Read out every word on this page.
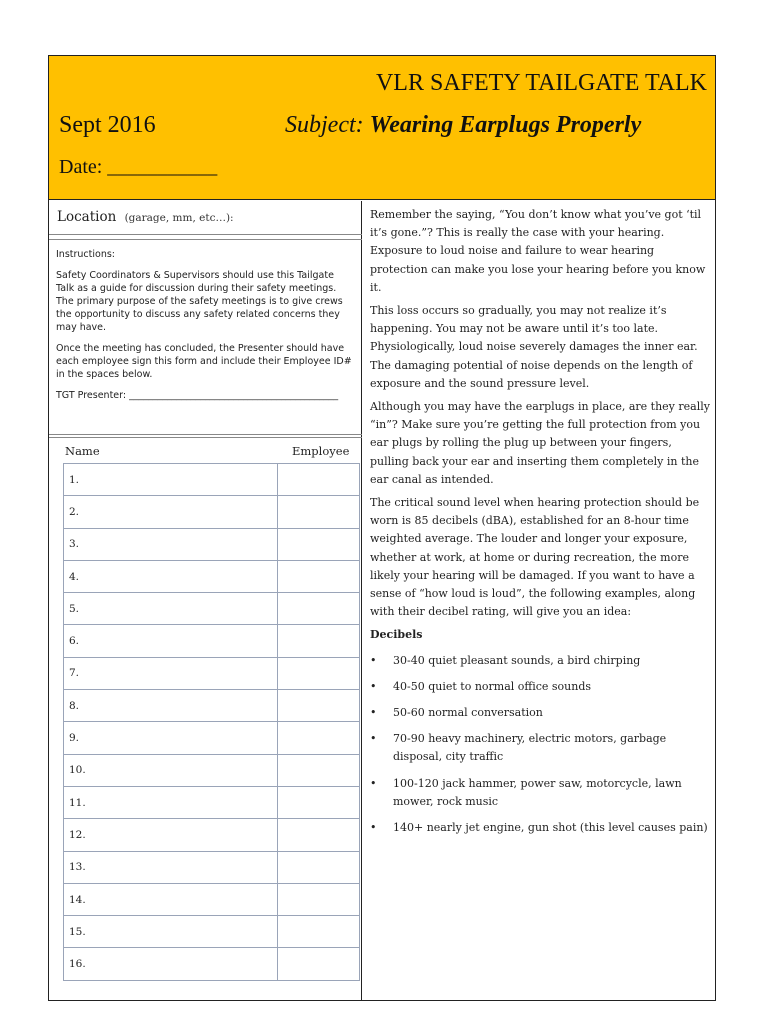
VLR SAFETY TAILGATE TALK
Sept 2016	Subject: Wearing Earplugs Properly
Date: ___________
Location (garage, mm, etc…):

Instructions:

Safety Coordinators & Supervisors should use this Tailgate Talk as a guide for discussion during their safety meetings. The primary purpose of the safety meetings is to give crews the opportunity to discuss any safety related concerns they may have.

Once the meeting has concluded, the Presenter should have each employee sign this form and include their Employee ID# in the spaces below.

TGT Presenter: ____________________________________________

Name	Employee
1.	
2.	
3.	
4.	
5.	
6.	
7.	
8.	
9.	
10.	
11.	
12.	
13.	
14.	
15.	
16.	

Remember the saying, “You don’t know what you’ve got ‘til it’s gone.”? This is really the case with your hearing. Exposure to loud noise and failure to wear hearing protection can make you lose your hearing before you know it.

This loss occurs so gradually, you may not realize it’s happening. You may not be aware until it’s too late. Physiologically, loud noise severely damages the inner ear. The damaging potential of noise depends on the length of exposure and the sound pressure level.

Although you may have the earplugs in place, are they really “in”? Make sure you’re getting the full protection from you ear plugs by rolling the plug up between your fingers, pulling back your ear and inserting them completely in the ear canal as intended.

The critical sound level when hearing protection should be worn is 85 decibels (dBA), established for an 8-hour time weighted average. The louder and longer your exposure, whether at work, at home or during recreation, the more likely your hearing will be damaged. If you want to have a sense of “how loud is loud”, the following examples, along with their decibel rating, will give you an idea:

Decibels
• 30-40 quiet pleasant sounds, a bird chirping
• 40-50 quiet to normal office sounds
• 50-60 normal conversation
• 70-90 heavy machinery, electric motors, garbage disposal, city traffic
• 100-120 jack hammer, power saw, motorcycle, lawn mower, rock music
• 140+ nearly jet engine, gun shot (this level causes pain)
